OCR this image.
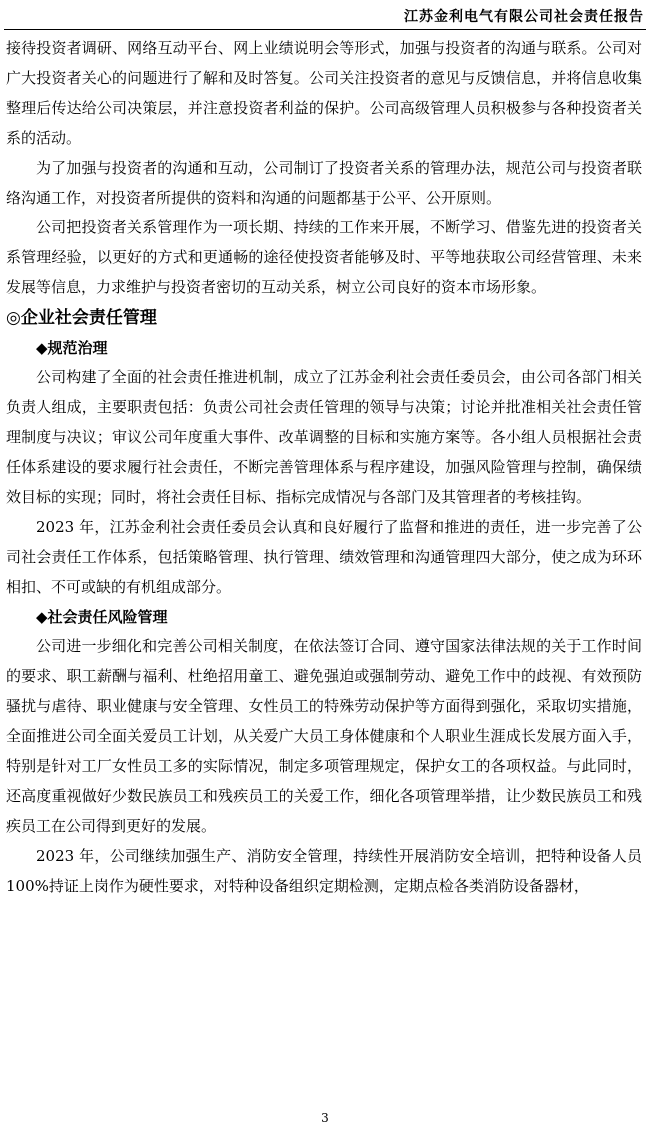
江苏金利电气有限公司社会责任报告

接待投资者调研、网络互动平台、网上业绩说明会等形式，加强与投资者的沟通与联系。公司对广大投资者关心的问题进行了解和及时答复。公司关注投资者的意见与反馈信息，并将信息收集整理后传达给公司决策层，并注意投资者利益的保护。公司高级管理人员积极参与各种投资者关系的活动。

为了加强与投资者的沟通和互动，公司制订了投资者关系的管理办法，规范公司与投资者联络沟通工作，对投资者所提供的资料和沟通的问题都基于公平、公开原则。

公司把投资者关系管理作为一项长期、持续的工作来开展，不断学习、借鉴先进的投资者关系管理经验，以更好的方式和更通畅的途径使投资者能够及时、平等地获取公司经营管理、未来发展等信息，力求维护与投资者密切的互动关系，树立公司良好的资本市场形象。

◎企业社会责任管理
◆规范治理

公司构建了全面的社会责任推进机制，成立了江苏金利社会责任委员会，由公司各部门相关负责人组成，主要职责包括：负责公司社会责任管理的领导与决策；讨论并批准相关社会责任管理制度与决议；审议公司年度重大事件、改革调整的目标和实施方案等。各小组人员根据社会责任体系建设的要求履行社会责任，不断完善管理体系与程序建设，加强风险管理与控制，确保绩效目标的实现；同时，将社会责任目标、指标完成情况与各部门及其管理者的考核挂钩。

2023 年，江苏金利社会责任委员会认真和良好履行了监督和推进的责任，进一步完善了公司社会责任工作体系，包括策略管理、执行管理、绩效管理和沟通管理四大部分，使之成为环环相扣、不可或缺的有机组成部分。

◆社会责任风险管理

公司进一步细化和完善公司相关制度，在依法签订合同、遵守国家法律法规的关于工作时间的要求、职工薪酬与福利、杜绝招用童工、避免强迫或强制劳动、避免工作中的歧视、有效预防骚扰与虐待、职业健康与安全管理、女性员工的特殊劳动保护等方面得到强化，采取切实措施，全面推进公司全面关爱员工计划，从关爱广大员工身体健康和个人职业生涯成长发展方面入手，特别是针对工厂女性员工多的实际情况，制定多项管理规定，保护女工的各项权益。与此同时，还高度重视做好少数民族员工和残疾员工的关爱工作，细化各项管理举措，让少数民族员工和残疾员工在公司得到更好的发展。

2023 年，公司继续加强生产、消防安全管理，持续性开展消防安全培训，把特种设备人员 100%持证上岗作为硬性要求，对特种设备组织定期检测，定期点检各类消防设备器材，

3
